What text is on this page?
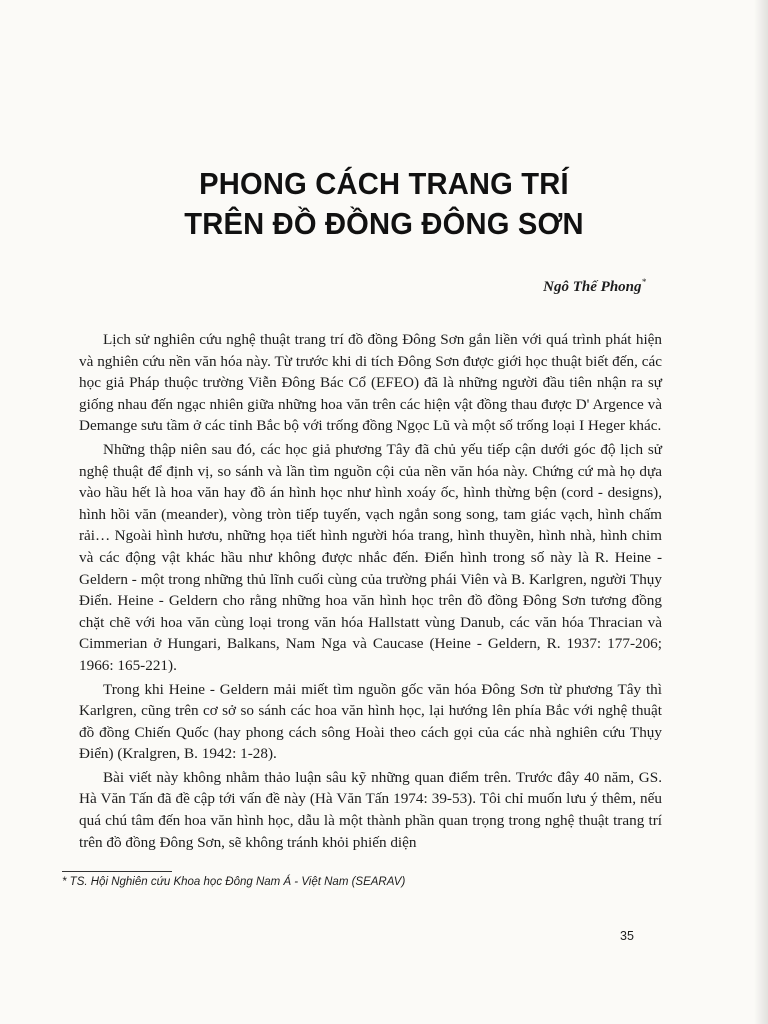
PHONG CÁCH TRANG TRÍ
TRÊN ĐỒ ĐỒNG ĐÔNG SƠN
Ngô Thế Phong*

Lịch sử nghiên cứu nghệ thuật trang trí đồ đồng Đông Sơn gắn liền với quá trình phát hiện và nghiên cứu nền văn hóa này. Từ trước khi di tích Đông Sơn được giới học thuật biết đến, các học giả Pháp thuộc trường Viễn Đông Bác Cổ (EFEO) đã là những người đầu tiên nhận ra sự giống nhau đến ngạc nhiên giữa những hoa văn trên các hiện vật đồng thau được D' Argence và Demange sưu tầm ở các tỉnh Bắc bộ với trống đồng Ngọc Lũ và một số trống loại I Heger khác.

Những thập niên sau đó, các học giả phương Tây đã chủ yếu tiếp cận dưới góc độ lịch sử nghệ thuật để định vị, so sánh và lần tìm nguồn cội của nền văn hóa này. Chứng cứ mà họ dựa vào hầu hết là hoa văn hay đồ án hình học như hình xoáy ốc, hình thừng bện (cord - designs), hình hồi văn (meander), vòng tròn tiếp tuyến, vạch ngắn song song, tam giác vạch, hình chấm rải… Ngoài hình hươu, những họa tiết hình người hóa trang, hình thuyền, hình nhà, hình chim và các động vật khác hầu như không được nhắc đến. Điển hình trong số này là R. Heine - Geldern - một trong những thủ lĩnh cuối cùng của trường phái Viên và B. Karlgren, người Thụy Điển. Heine - Geldern cho rằng những hoa văn hình học trên đồ đồng Đông Sơn tương đồng chặt chẽ với hoa văn cùng loại trong văn hóa Hallstatt vùng Danub, các văn hóa Thracian và Cimmerian ở Hungari, Balkans, Nam Nga và Caucase (Heine - Geldern, R. 1937: 177-206; 1966: 165-221).

Trong khi Heine - Geldern mải miết tìm nguồn gốc văn hóa Đông Sơn từ phương Tây thì Karlgren, cũng trên cơ sở so sánh các hoa văn hình học, lại hướng lên phía Bắc với nghệ thuật đồ đồng Chiến Quốc (hay phong cách sông Hoài theo cách gọi của các nhà nghiên cứu Thụy Điển) (Kralgren, B. 1942: 1-28).

Bài viết này không nhằm thảo luận sâu kỹ những quan điểm trên. Trước đây 40 năm, GS. Hà Văn Tấn đã đề cập tới vấn đề này (Hà Văn Tấn 1974: 39-53). Tôi chỉ muốn lưu ý thêm, nếu quá chú tâm đến hoa văn hình học, dẫu là một thành phần quan trọng trong nghệ thuật trang trí trên đồ đồng Đông Sơn, sẽ không tránh khỏi phiến diện

* TS. Hội Nghiên cứu Khoa học Đông Nam Á - Việt Nam (SEARAV)
35
